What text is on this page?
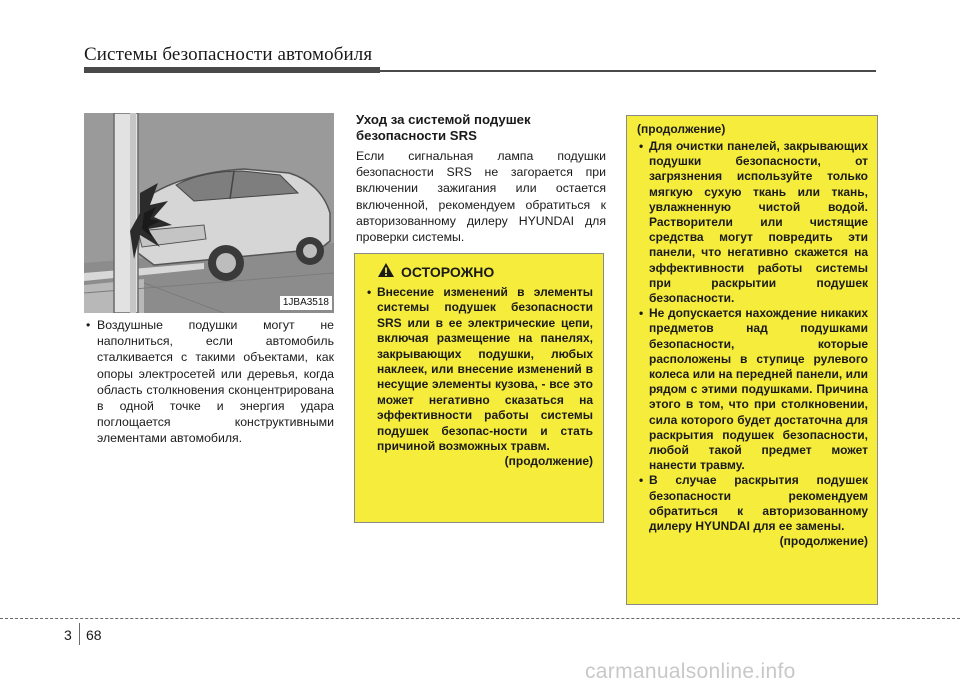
Системы безопасности автомобиля
1JBA3518
• Воздушные подушки могут не наполниться, если автомобиль сталкивается с такими объектами, как опоры электросетей или деревья, когда область столкновения сконцентрирована в одной точке и энергия удара поглощается конструктивными элементами автомобиля.
Уход за системой подушек безопасности SRS
Если сигнальная лампа подушки безопасности SRS не загорается при включении зажигания или остается включенной, рекомендуем обратиться к авторизованному дилеру HYUNDAI для проверки системы.
ОСТОРОЖНО
• Внесение изменений в элементы системы подушек безопасности SRS или в ее электрические цепи, включая размещение на панелях, закрывающих подушки, любых наклеек, или внесение изменений в несущие элементы кузова, - все это может негативно сказаться на эффективности работы системы подушек безопас-ности и стать причиной возможных травм.
(продолжение)
(продолжение)
• Для очистки панелей, закрывающих подушки безопасности, от загрязнения используйте только мягкую сухую ткань или ткань, увлажненную чистой водой. Растворители или чистящие средства могут повредить эти панели, что негативно скажется на эффективности работы системы при раскрытии подушек безопасности.
• Не допускается нахождение никаких предметов над подушками безопасности, которые расположены в ступице рулевого колеса или на передней панели, или рядом с этими подушками. Причина этого в том, что при столкновении, сила которого будет достаточна для раскрытия подушек безопасности, любой такой предмет может нанести травму.
• В случае раскрытия подушек безопасности рекомендуем обратиться к авторизованному дилеру HYUNDAI для ее замены.
(продолжение)
3 68
carmanualsonline.info
